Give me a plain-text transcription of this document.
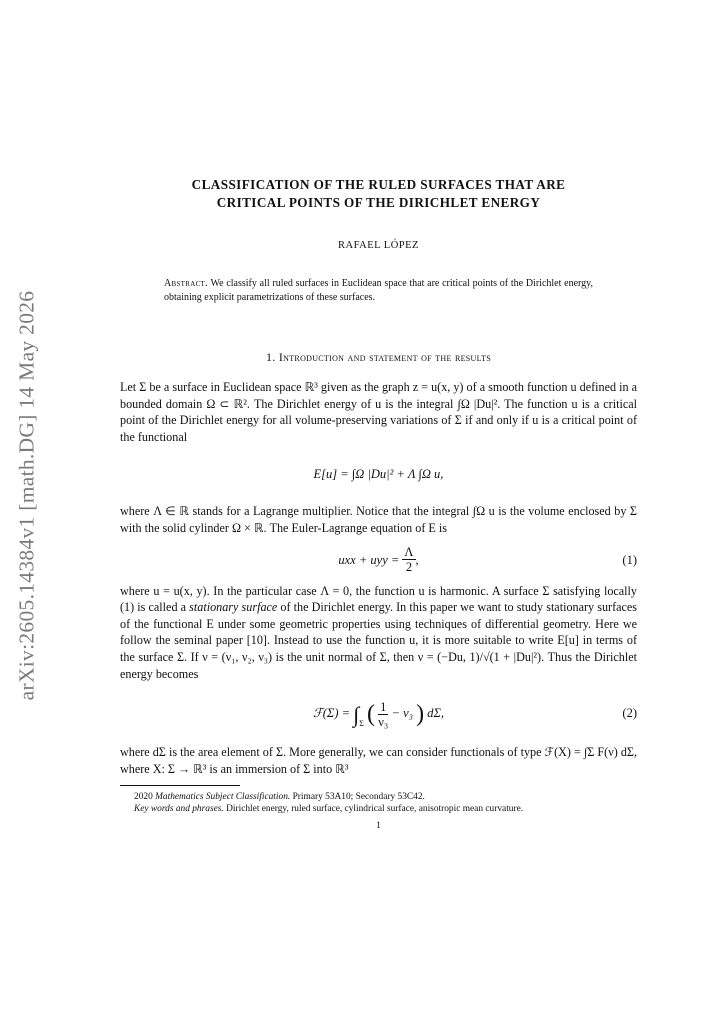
arXiv:2605.14384v1 [math.DG] 14 May 2026
CLASSIFICATION OF THE RULED SURFACES THAT ARE
CRITICAL POINTS OF THE DIRICHLET ENERGY
RAFAEL LÓPEZ
Abstract. We classify all ruled surfaces in Euclidean space that are critical points of the Dirichlet energy, obtaining explicit parametrizations of these surfaces.
1. Introduction and statement of the results

Let Σ be a surface in Euclidean space ℝ³ given as the graph z = u(x, y) of a smooth function u defined in a bounded domain Ω ⊂ ℝ². The Dirichlet energy of u is the integral ∫Ω |Du|². The function u is a critical point of the Dirichlet energy for all volume-preserving variations of Σ if and only if u is a critical point of the functional

E[u] = ∫Ω |Du|² + Λ ∫Ω u,

where Λ ∈ ℝ stands for a Lagrange multiplier. Notice that the integral ∫Ω u is the volume enclosed by Σ with the solid cylinder Ω × ℝ. The Euler-Lagrange equation of E is

uxx + uyy =
$\frac{\Lambda}{2}$ ,	(1)

where u = u(x, y). In the particular case Λ = 0, the function u is harmonic. A surface Σ satisfying locally (1) is called a stationary surface of the Dirichlet energy. In this paper we want to study stationary surfaces of the functional E under some geometric properties using techniques of differential geometry. Here we follow the seminal paper [10]. Instead to use the function u, it is more suitable to write E[u] in terms of the surface Σ. If ν = (ν₁, ν₂, ν₃) is the unit normal of Σ, then ν = (−Du, 1)/√(1 + |Du|²). Thus the Dirichlet energy becomes

ℱ(Σ) = $\int_\Sigma$ ( $\frac{1}{\text{ν₃}} - \nu_3$ ) dΣ,	(2)

where dΣ is the area element of Σ. More generally, we can consider functionals of type ℱ(X) = ∫Σ F(ν) dΣ, where X: Σ → ℝ³ is an immersion of Σ into ℝ³

2020 Mathematics Subject Classification. Primary 53A10; Secondary 53C42.

Key words and phrases. Dirichlet energy, ruled surface, cylindrical surface, anisotropic mean curvature.

1
